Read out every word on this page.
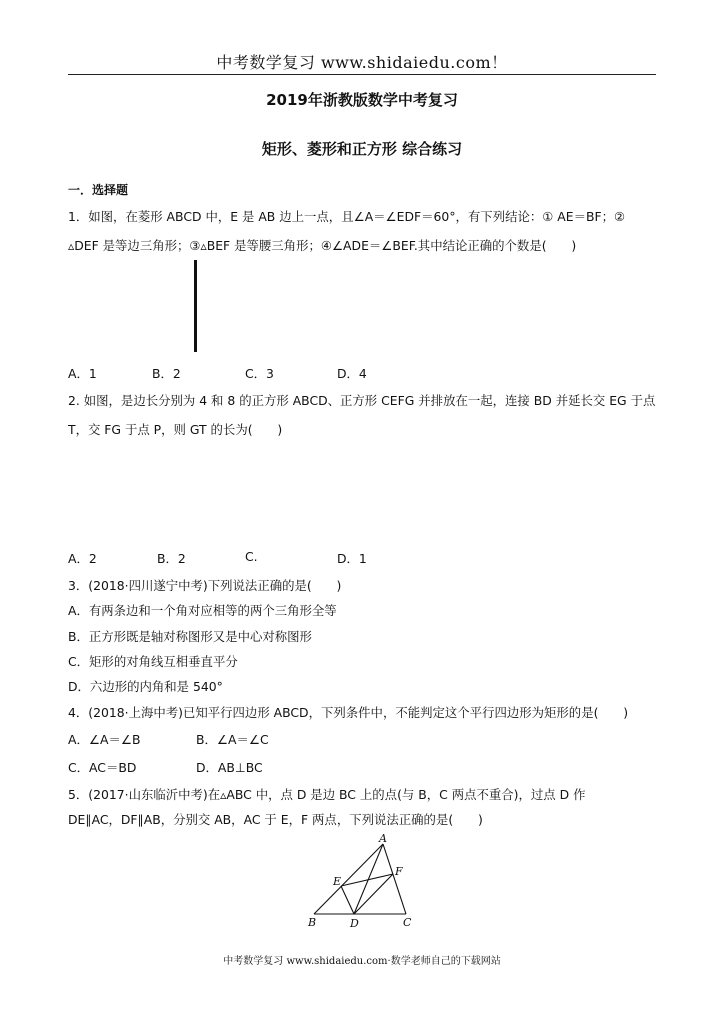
中考数学复习 www.shidaiedu.com！
2019年浙教版数学中考复习
矩形、菱形和正方形 综合练习
一．选择题
1．如图，在菱形 ABCD 中，E 是 AB 边上一点，且∠A＝∠EDF＝60°，有下列结论：① AE＝BF；②
▵DEF 是等边三角形；③▵BEF 是等腰三角形；④∠ADE＝∠BEF.其中结论正确的个数是(　　)
A．1	B．2	C．3	D．4
2. 如图，是边长分别为 4 和 8 的正方形 ABCD、正方形 CEFG 并排放在一起，连接 BD 并延长交 EG 于点
T，交 FG 于点 P，则 GT 的长为(　　)
A．2	B．2	C.	D．1
3．(2018·四川遂宁中考)下列说法正确的是(　　)
A．有两条边和一个角对应相等的两个三角形全等
B．正方形既是轴对称图形又是中心对称图形
C．矩形的对角线互相垂直平分
D．六边形的内角和是 540°
4．(2018·上海中考)已知平行四边形 ABCD，下列条件中，不能判定这个平行四边形为矩形的是(　　)
A．∠A＝∠B	B．∠A＝∠C
C．AC＝BD	D．AB⊥BC
5．(2017·山东临沂中考)在▵ABC 中，点 D 是边 BC 上的点(与 B，C 两点不重合)，过点 D 作
DE∥AC，DF∥AB，分别交 AB，AC 于 E，F 两点，下列说法正确的是(　　)
A
B	C
D
E
F
中考数学复习 www.shidaiedu.com·数学老师自己的下载网站
